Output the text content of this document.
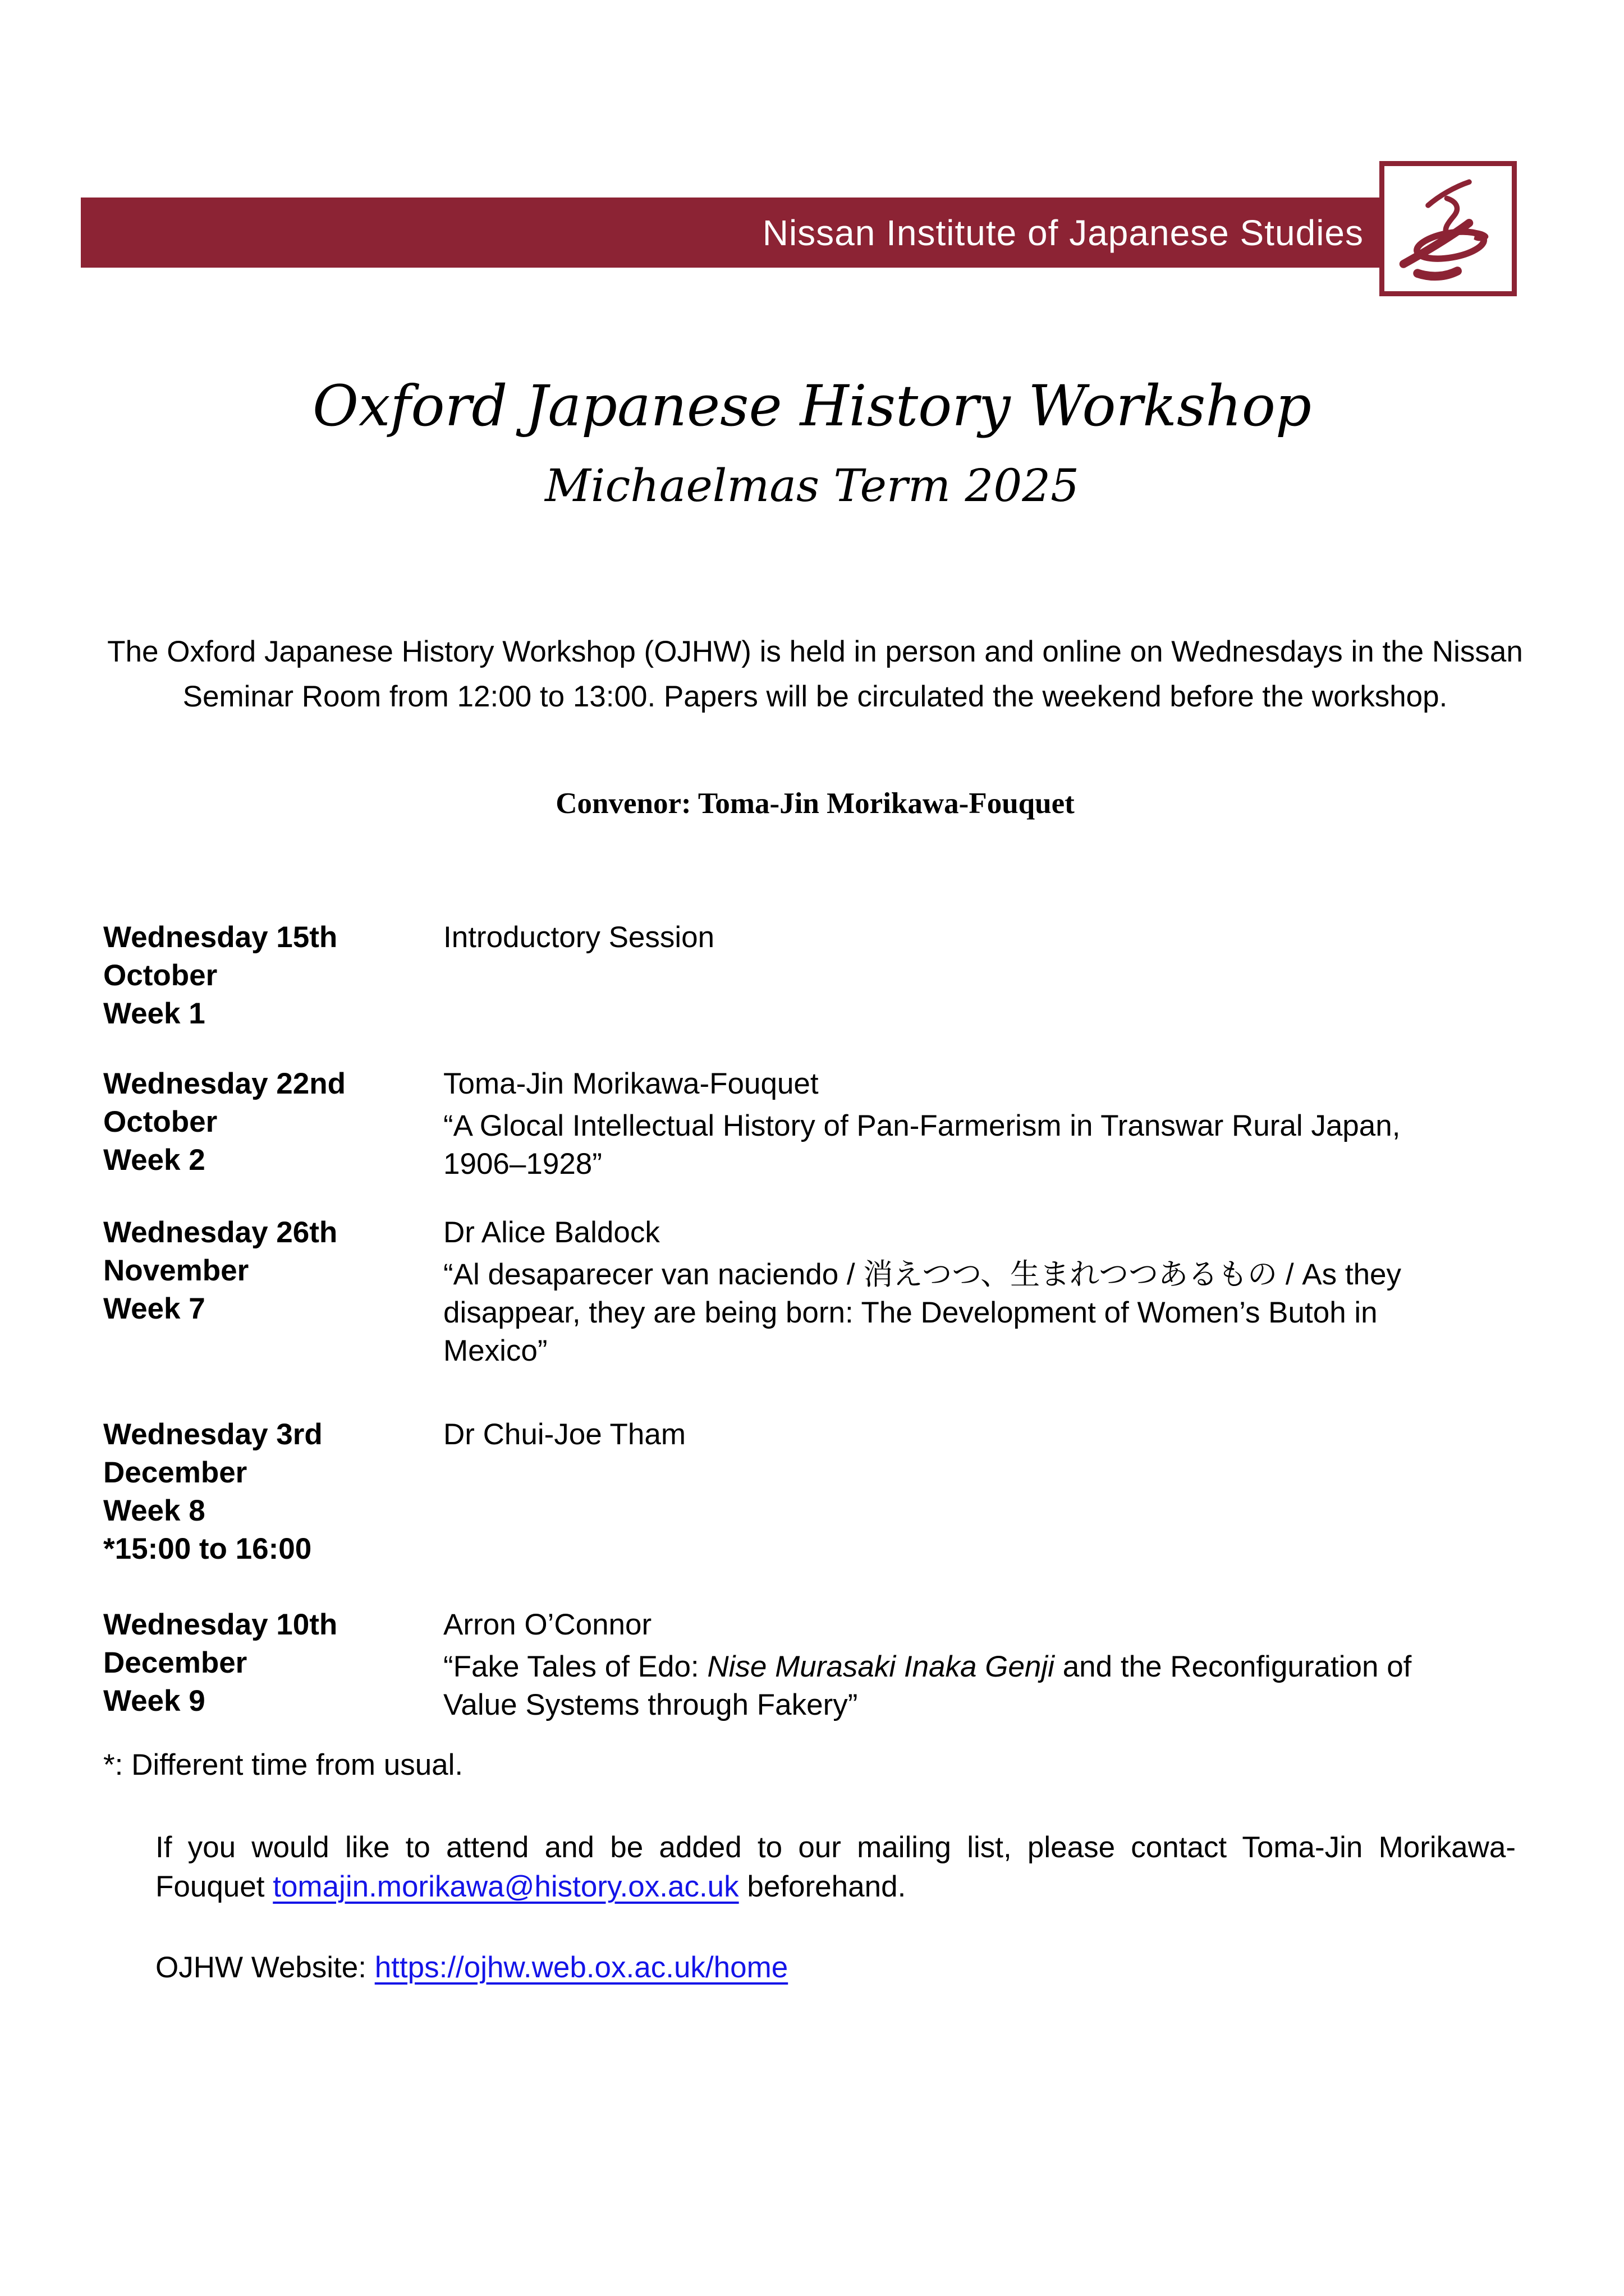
Nissan Institute of Japanese Studies
Oxford Japanese History Workshop
Michaelmas Term 2025
The Oxford Japanese History Workshop (OJHW) is held in person and online on Wednesdays in the Nissan
Seminar Room from 12:00 to 13:00. Papers will be circulated the weekend before the workshop.
Convenor: Toma-Jin Morikawa-Fouquet
Wednesday 15th
October
Week 1
Introductory Session
Wednesday 22nd
October
Week 2
Toma-Jin Morikawa-Fouquet
“A Glocal Intellectual History of Pan-Farmerism in Transwar Rural Japan,
1906–1928”
Wednesday 26th
November
Week 7
Dr Alice Baldock
“Al desaparecer van naciendo / 消えつつ、生まれつつあるもの / As they
disappear, they are being born: The Development of Women’s Butoh in
Mexico”
Wednesday 3rd
December
Week 8
*15:00 to 16:00
Dr Chui-Joe Tham
Wednesday 10th
December
Week 9
Arron O’Connor
“Fake Tales of Edo: Nise Murasaki Inaka Genji and the Reconfiguration of
Value Systems through Fakery”
*: Different time from usual.
If you would like to attend and be added to our mailing list, please contact Toma-Jin Morikawa-
Fouquet tomajin.morikawa@history.ox.ac.uk beforehand.
OJHW Website: https://ojhw.web.ox.ac.uk/home
